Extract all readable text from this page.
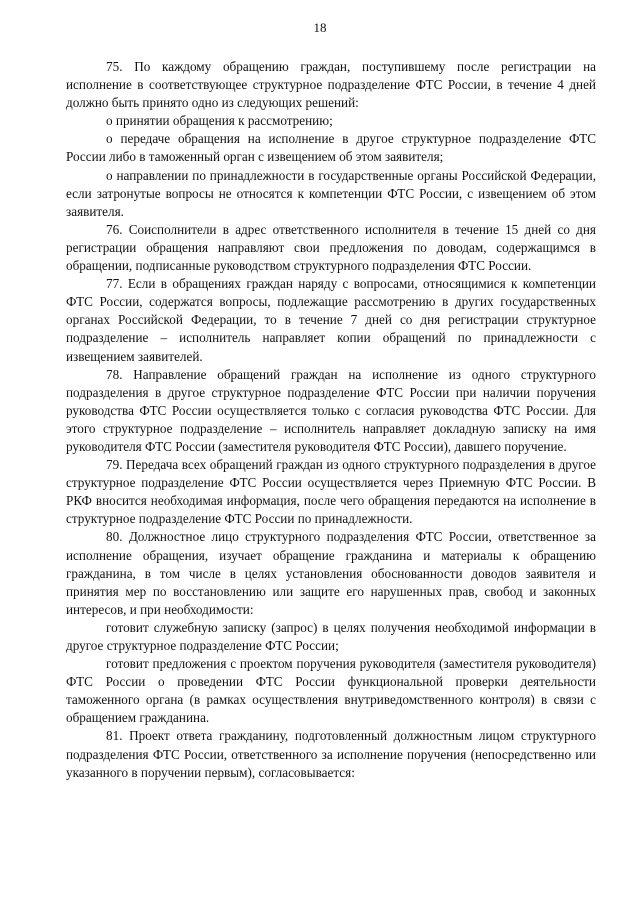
18

75. По каждому обращению граждан, поступившему после регистрации на исполнение в соответствующее структурное подразделение ФТС России, в течение 4 дней должно быть принято одно из следующих решений:

о принятии обращения к рассмотрению;

о передаче обращения на исполнение в другое структурное подразделение ФТС России либо в таможенный орган с извещением об этом заявителя;

о направлении по принадлежности в государственные органы Российской Федерации, если затронутые вопросы не относятся к компетенции ФТС России, с извещением об этом заявителя.

76. Соисполнители в адрес ответственного исполнителя в течение 15 дней со дня регистрации обращения направляют свои предложения по доводам, содержащимся в обращении, подписанные руководством структурного подразделения ФТС России.

77. Если в обращениях граждан наряду с вопросами, относящимися к компетенции ФТС России, содержатся вопросы, подлежащие рассмотрению в других государственных органах Российской Федерации, то в течение 7 дней со дня регистрации структурное подразделение – исполнитель направляет копии обращений по принадлежности с извещением заявителей.

78. Направление обращений граждан на исполнение из одного структурного подразделения в другое структурное подразделение ФТС России при наличии поручения руководства ФТС России осуществляется только с согласия руководства ФТС России. Для этого структурное подразделение – исполнитель направляет докладную записку на имя руководителя ФТС России (заместителя руководителя ФТС России), давшего поручение.

79. Передача всех обращений граждан из одного структурного подразделения в другое структурное подразделение ФТС России осуществляется через Приемную ФТС России. В РКФ вносится необходимая информация, после чего обращения передаются на исполнение в структурное подразделение ФТС России по принадлежности.

80. Должностное лицо структурного подразделения ФТС России, ответственное за исполнение обращения, изучает обращение гражданина и материалы к обращению гражданина, в том числе в целях установления обоснованности доводов заявителя и принятия мер по восстановлению или защите его нарушенных прав, свобод и законных интересов, и при необходимости:

готовит служебную записку (запрос) в целях получения необходимой информации в другое структурное подразделение ФТС России;

готовит предложения с проектом поручения руководителя (заместителя руководителя) ФТС России о проведении ФТС России функциональной проверки деятельности таможенного органа (в рамках осуществления внутриведомственного контроля) в связи с обращением гражданина.

81. Проект ответа гражданину, подготовленный должностным лицом структурного подразделения ФТС России, ответственного за исполнение поручения (непосредственно или указанного в поручении первым), согласовывается:
